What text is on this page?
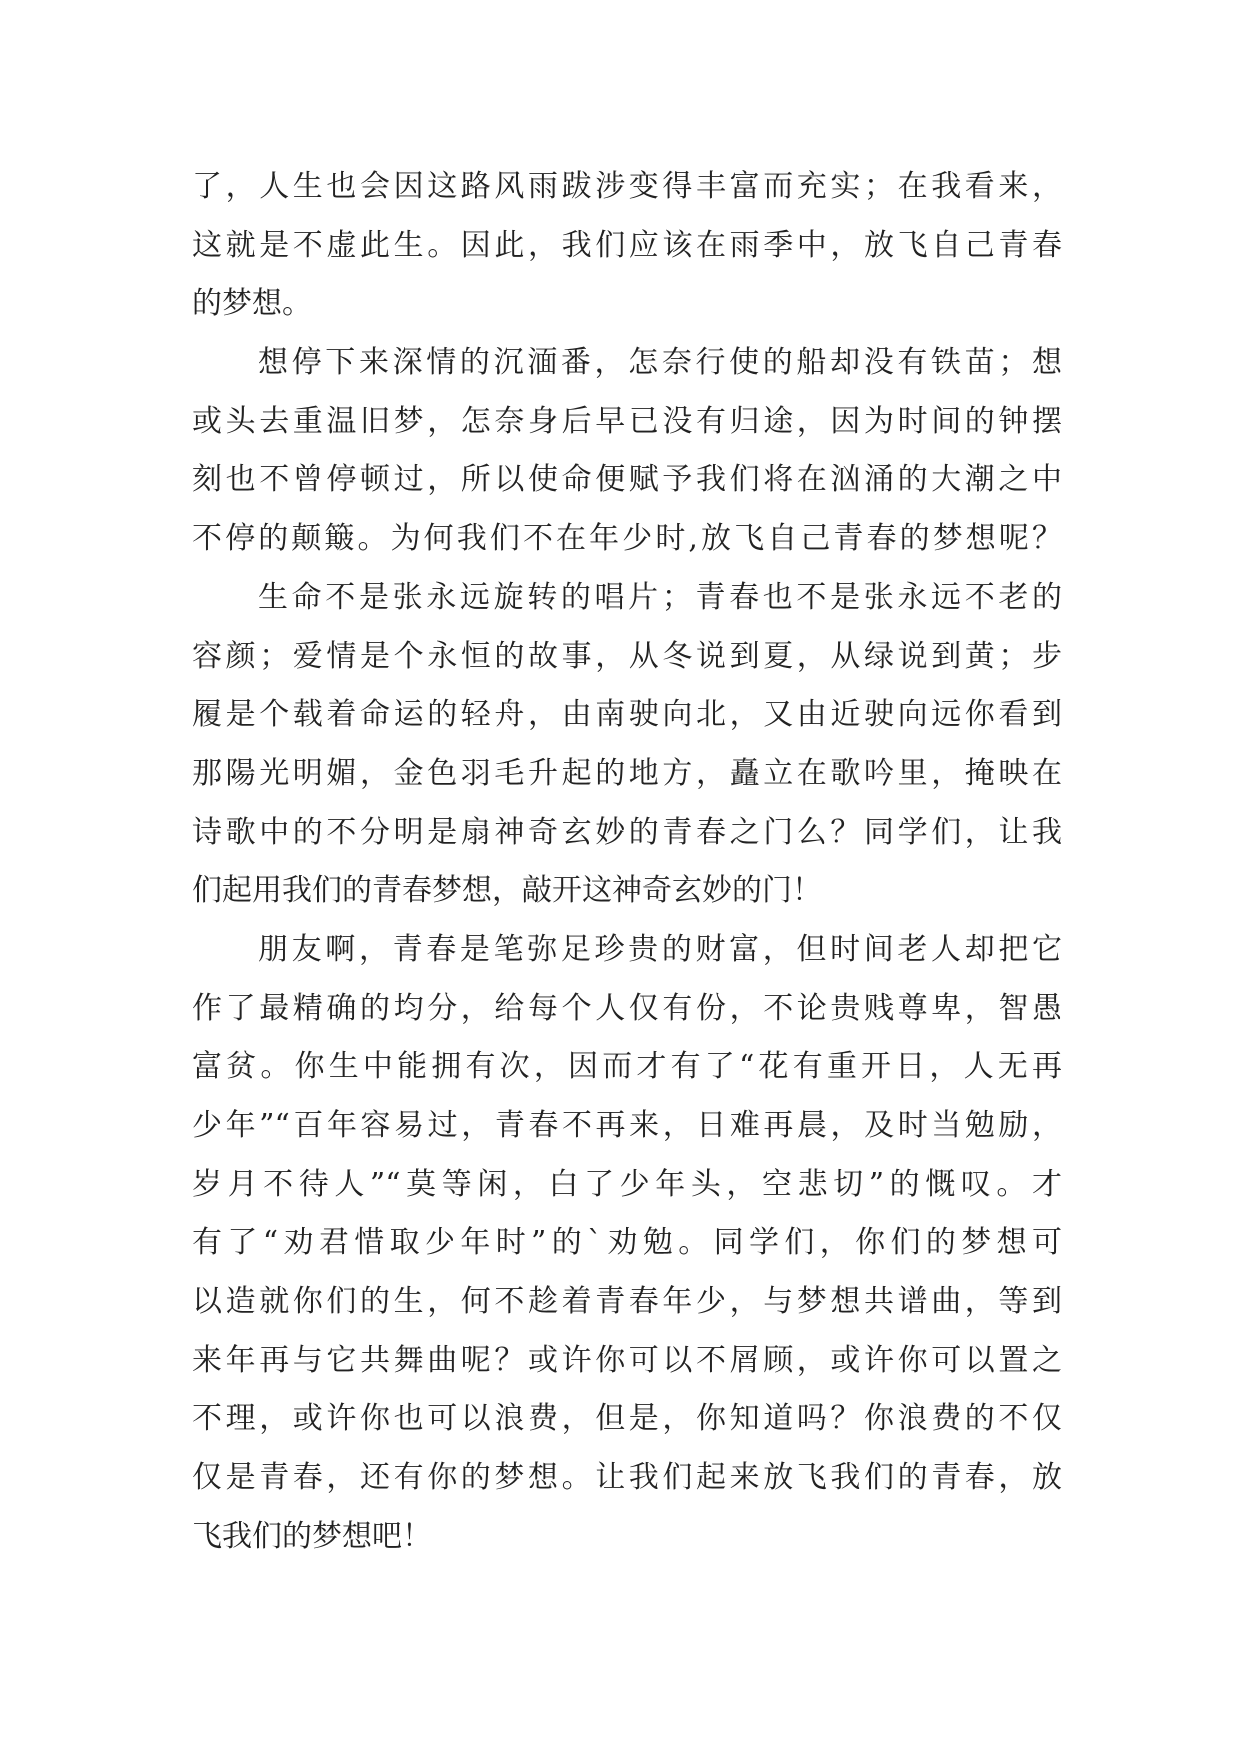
了，人生也会因这路风雨跋涉变得丰富而充实；在我看来，
这就是不虚此生。因此，我们应该在雨季中，放飞自己青春
的梦想。
想停下来深情的沉湎番，怎奈行使的船却没有铁苗；想
或头去重温旧梦，怎奈身后早已没有归途，因为时间的钟摆
刻也不曾停顿过，所以使命便赋予我们将在汹涌的大潮之中
不停的颠簸。为何我们不在年少时,放飞自己青春的梦想呢？
生命不是张永远旋转的唱片；青春也不是张永远不老的
容颜；爱情是个永恒的故事，从冬说到夏，从绿说到黄；步
履是个载着命运的轻舟，由南驶向北，又由近驶向远你看到
那陽光明媚，金色羽毛升起的地方，矗立在歌吟里，掩映在
诗歌中的不分明是扇神奇玄妙的青春之门么？同学们，让我
们起用我们的青春梦想，敲开这神奇玄妙的门！
朋友啊，青春是笔弥足珍贵的财富，但时间老人却把它
作了最精确的均分，给每个人仅有份，不论贵贱尊卑，智愚
富贫。你生中能拥有次，因而才有了“花有重开日，人无再
少年”“百年容易过，青春不再来，日难再晨，及时当勉励，
岁月不待人”“莫等闲，白了少年头，空悲切”的慨叹。才
有了“劝君惜取少年时”的`劝勉。同学们，你们的梦想可
以造就你们的生，何不趁着青春年少，与梦想共谱曲，等到
来年再与它共舞曲呢？或许你可以不屑顾，或许你可以置之
不理，或许你也可以浪费，但是，你知道吗？你浪费的不仅
仅是青春，还有你的梦想。让我们起来放飞我们的青春，放
飞我们的梦想吧！
